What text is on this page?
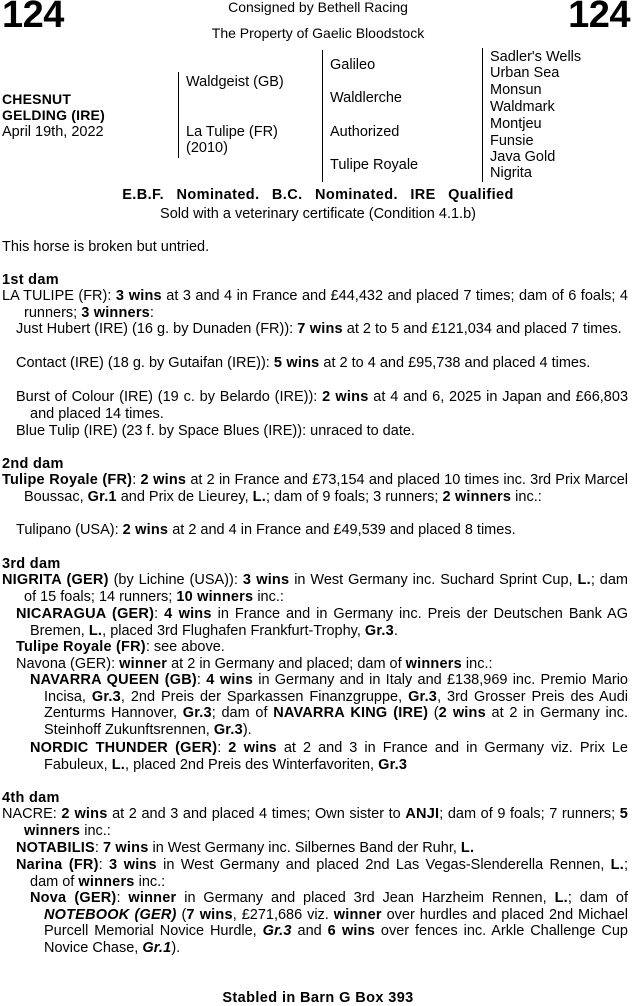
124	124
Consigned by Bethell Racing
The Property of Gaelic Bloodstock
CHESNUT
GELDING (IRE)
April 19th, 2022
Waldgeist (GB)
La Tulipe (FR)
(2010)
Galileo
Waldlerche
Authorized
Tulipe Royale
Sadler's Wells
Urban Sea
Monsun
Waldmark
Montjeu
Funsie
Java Gold
Nigrita
E.B.F. Nominated. B.C. Nominated. IRE Qualified
Sold with a veterinary certificate (Condition 4.1.b)
This horse is broken but untried.
1st dam
LA TULIPE (FR): 3 wins at 3 and 4 in France and £44,432 and placed 7 times; dam of 6 foals; 4 runners; 3 winners:
Just Hubert (IRE) (16 g. by Dunaden (FR)): 7 wins at 2 to 5 and £121,034 and placed 7 times.
Contact (IRE) (18 g. by Gutaifan (IRE)): 5 wins at 2 to 4 and £95,738 and placed 4 times.
Burst of Colour (IRE) (19 c. by Belardo (IRE)): 2 wins at 4 and 6, 2025 in Japan and £66,803 and placed 14 times.
Blue Tulip (IRE) (23 f. by Space Blues (IRE)): unraced to date.
2nd dam
Tulipe Royale (FR): 2 wins at 2 in France and £73,154 and placed 10 times inc. 3rd Prix Marcel Boussac, Gr.1 and Prix de Lieurey, L.; dam of 9 foals; 3 runners; 2 winners inc.:
Tulipano (USA): 2 wins at 2 and 4 in France and £49,539 and placed 8 times.
3rd dam
NIGRITA (GER) (by Lichine (USA)): 3 wins in West Germany inc. Suchard Sprint Cup, L.; dam of 15 foals; 14 runners; 10 winners inc.:
NICARAGUA (GER): 4 wins in France and in Germany inc. Preis der Deutschen Bank AG Bremen, L., placed 3rd Flughafen Frankfurt-Trophy, Gr.3.
Tulipe Royale (FR): see above.
Navona (GER): winner at 2 in Germany and placed; dam of winners inc.:
NAVARRA QUEEN (GB): 4 wins in Germany and in Italy and £138,969 inc. Premio Mario Incisa, Gr.3, 2nd Preis der Sparkassen Finanzgruppe, Gr.3, 3rd Grosser Preis des Audi Zenturms Hannover, Gr.3; dam of NAVARRA KING (IRE) (2 wins at 2 in Germany inc. Steinhoff Zukunftsrennen, Gr.3).
NORDIC THUNDER (GER): 2 wins at 2 and 3 in France and in Germany viz. Prix Le Fabuleux, L., placed 2nd Preis des Winterfavoriten, Gr.3
4th dam
NACRE: 2 wins at 2 and 3 and placed 4 times; Own sister to ANJI; dam of 9 foals; 7 runners; 5 winners inc.:
NOTABILIS: 7 wins in West Germany inc. Silbernes Band der Ruhr, L.
Narina (FR): 3 wins in West Germany and placed 2nd Las Vegas-Slenderella Rennen, L.; dam of winners inc.:
Nova (GER): winner in Germany and placed 3rd Jean Harzheim Rennen, L.; dam of NOTEBOOK (GER) (7 wins, £271,686 viz. winner over hurdles and placed 2nd Michael Purcell Memorial Novice Hurdle, Gr.3 and 6 wins over fences inc. Arkle Challenge Cup Novice Chase, Gr.1).
Stabled in Barn G Box 393
